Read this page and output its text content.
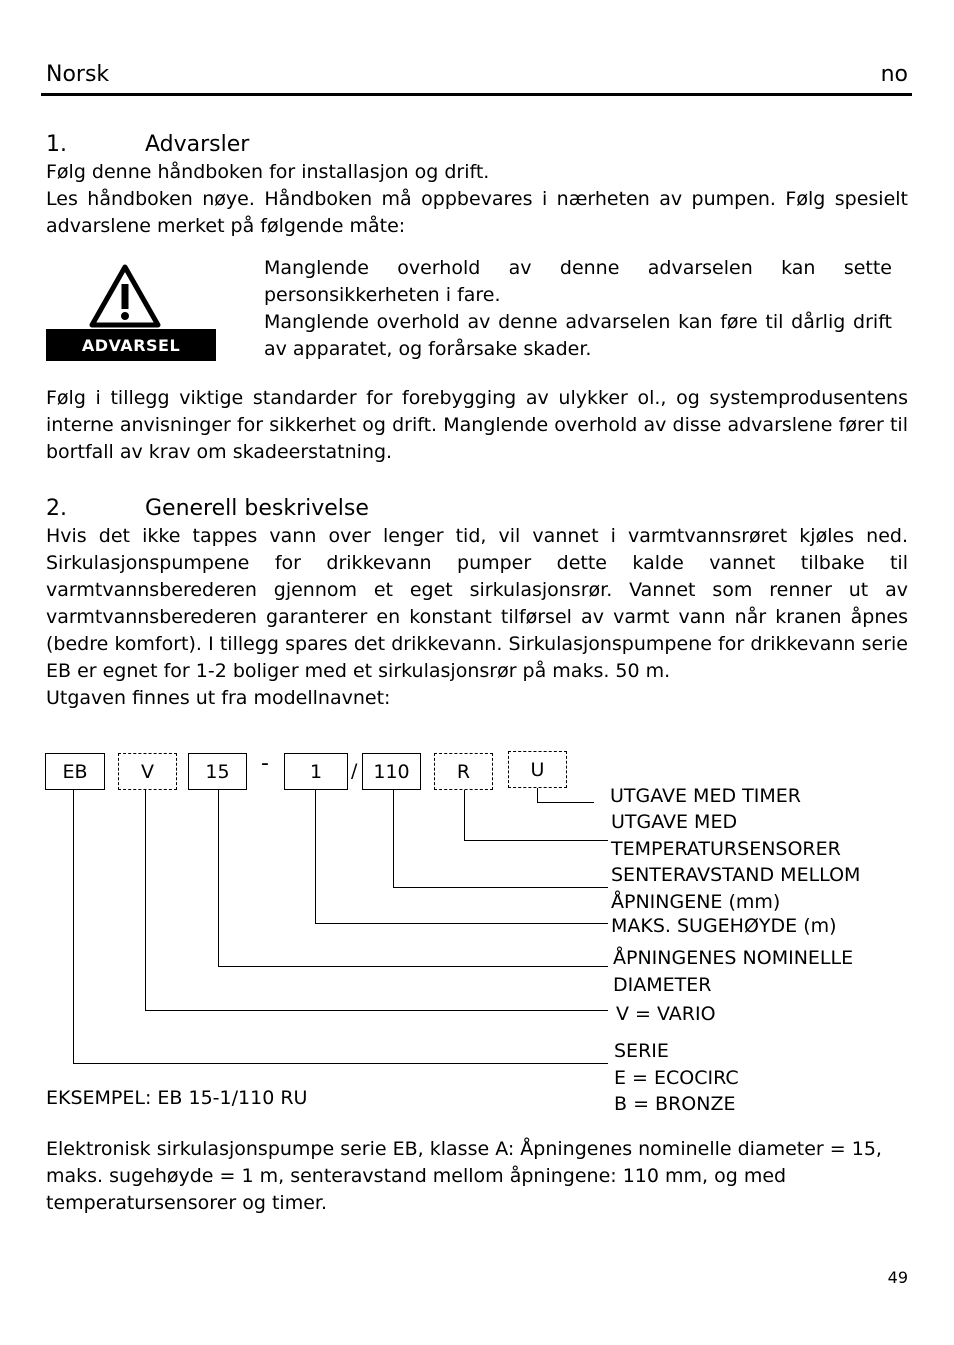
Norsk	no
1.	Advarsler

Følg denne håndboken for installasjon og drift.

Les håndboken nøye. Håndboken må oppbevares i nærheten av pumpen. Følg spesielt advarslene merket på følgende måte:

ADVARSEL

Manglende overhold av denne advarselen kan sette personsikkerheten i fare.

Manglende overhold av denne advarselen kan føre til dårlig drift av apparatet, og forårsake skader.

Følg i tillegg viktige standarder for forebygging av ulykker ol., og systemprodusentens interne anvisninger for sikkerhet og drift. Manglende overhold av disse advarslene fører til bortfall av krav om skadeerstatning.

2.	Generell beskrivelse

Hvis det ikke tappes vann over lenger tid, vil vannet i varmtvannsrøret kjøles ned. Sirkulasjonspumpene for drikkevann pumper dette kalde vannet tilbake til varmtvannsberederen gjennom et eget sirkulasjonsrør. Vannet som renner ut av varmtvannsberederen garanterer en konstant tilførsel av varmt vann når kranen åpnes (bedre komfort). I tillegg spares det drikkevann. Sirkulasjonspumpene for drikkevann serie EB er egnet for 1-2 boliger med et sirkulasjonsrør på maks. 50 m.

Utgaven finnes ut fra modellnavnet:

EB	V	15	-	1	/ 110	R	U
UTGAVE MED TIMER

UTGAVE MED

TEMPERATURSENSORER

SENTERAVSTAND MELLOM

ÅPNINGENE (mm)

MAKS. SUGEHØYDE (m)

ÅPNINGENES NOMINELLE

DIAMETER

V = VARIO

SERIE

E = ECOCIRC

B = BRONZE

EKSEMPEL: EB 15-1/110 RU
Elektronisk sirkulasjonspumpe serie EB, klasse A: Åpningenes nominelle diameter = 15, maks. sugehøyde = 1 m, senteravstand mellom åpningene: 110 mm, og med temperatursensorer og timer.
49
